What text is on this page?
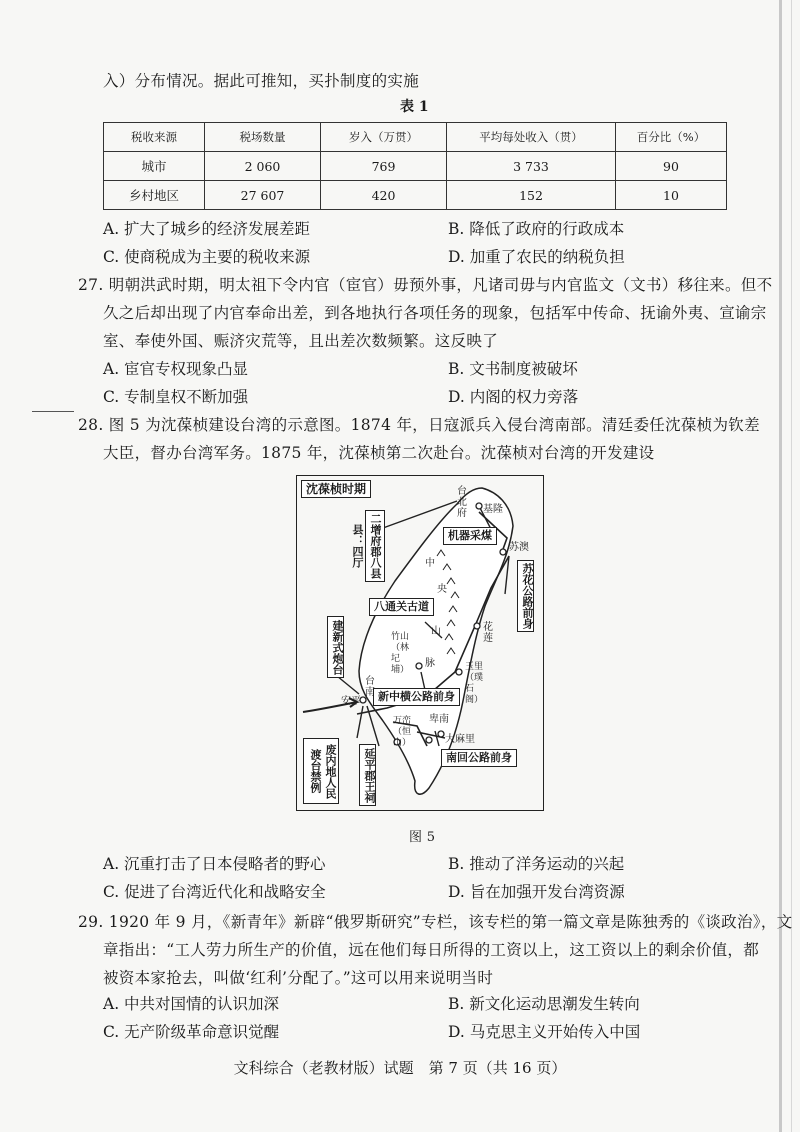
入）分布情况。据此可推知，买扑制度的实施
表 1
税收来源	税场数量	岁入（万贯）	平均每处收入（贯）	百分比（%）
城市	2 060	769	3 733	90
乡村地区	27 607	420	152	10
A. 扩大了城乡的经济发展差距	B. 降低了政府的行政成本
C. 使商税成为主要的税收来源	D. 加重了农民的纳税负担
27. 明朝洪武时期，明太祖下令内官（宦官）毋预外事，凡诸司毋与内官监文（文书）移往来。但不
久之后却出现了内官奉命出差，到各地执行各项任务的现象，包括军中传命、抚谕外夷、宣谕宗
室、奉使外国、赈济灾荒等，且出差次数频繁。这反映了
A. 宦官专权现象凸显	B. 文书制度被破坏
C. 专制皇权不断加强	D. 内阁的权力旁落
28. 图 5 为沈葆桢建设台湾的示意图。1874 年，日寇派兵入侵台湾南部。清廷委任沈葆桢为钦差
大臣，督办台湾军务。1875 年，沈葆桢第二次赴台。沈葆桢对台湾的开发建设
沈葆桢时期
二增府郡八县县：四厅	机器采煤
苏花公路前身
八通关古道
建新式炮台
新中横公路前身
南回公路前身
废内地人民渡台禁例	延平郡王祠
台北府 基隆
苏澳
花莲
中
央
山
脉
竹山（林圮埔）	玉里（璞石阁）
台南
安平
万峦（恒山）
卑南
大麻里
图 5
A. 沉重打击了日本侵略者的野心	B. 推动了洋务运动的兴起
C. 促进了台湾近代化和战略安全	D. 旨在加强开发台湾资源
29. 1920 年 9 月，《新青年》新辟“俄罗斯研究”专栏，该专栏的第一篇文章是陈独秀的《谈政治》，文
章指出：“工人劳力所生产的价值，远在他们每日所得的工资以上，这工资以上的剩余价值，都
被资本家抢去，叫做‘红利’分配了。”这可以用来说明当时
A. 中共对国情的认识加深	B. 新文化运动思潮发生转向
C. 无产阶级革命意识觉醒	D. 马克思主义开始传入中国
文科综合（老教材版）试题　第 7 页（共 16 页）
